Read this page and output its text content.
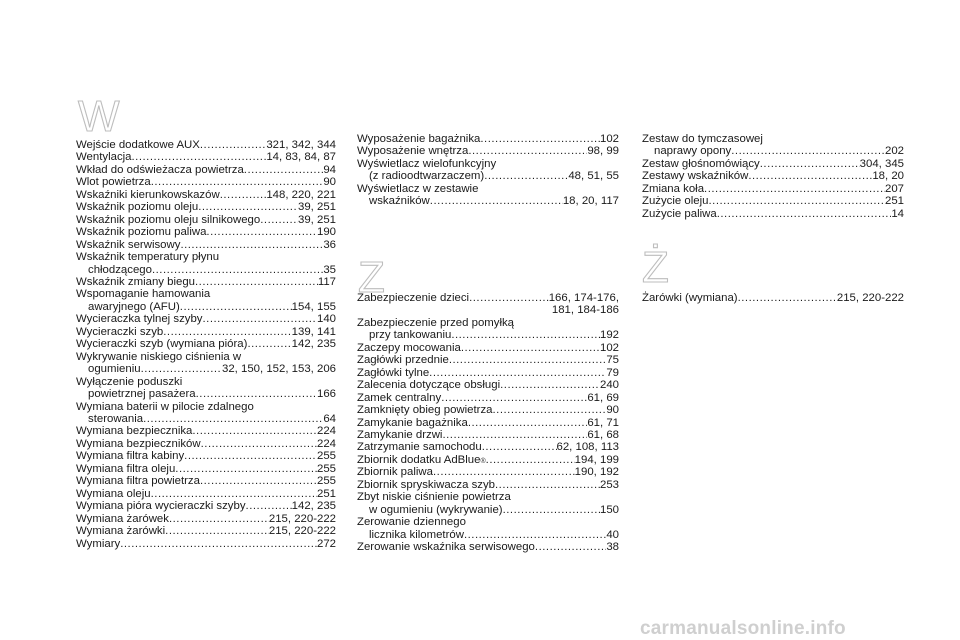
W
Z	Ż
Wejście dodatkowe AUX .....	321, 342, 344
Wentylacja .....	14, 83, 84, 87
Wkład do odświeżacza powietrza .....	94
Wlot powietrza .....	90
Wskaźniki kierunkowskazów .....	148, 220, 221
Wskaźnik poziomu oleju .....	39, 251
Wskaźnik poziomu oleju silnikowego .....	39, 251
Wskaźnik poziomu paliwa .....	190
Wskaźnik serwisowy .....	36
Wskaźnik temperatury płynu
chłodzącego .....	35
Wskaźnik zmiany biegu .....	117
Wspomaganie hamowania
awaryjnego (AFU) .....	154, 155
Wycieraczka tylnej szyby .....	140
Wycieraczki szyb .....	139, 141
Wycieraczki szyb (wymiana pióra) .....	142, 235
Wykrywanie niskiego ciśnienia w
ogumieniu .....	32, 150, 152, 153, 206
Wyłączenie poduszki
powietrznej pasażera .....	166
Wymiana baterii w pilocie zdalnego
sterowania .....	64
Wymiana bezpiecznika .....	224
Wymiana bezpieczników .....	224
Wymiana filtra kabiny .....	255
Wymiana filtra oleju .....	255
Wymiana filtra powietrza .....	255
Wymiana oleju .....	251
Wymiana pióra wycieraczki szyby .....	142, 235
Wymiana żarówek .....	215, 220-222
Wymiana żarówki .....	215, 220-222
Wymiary .....	272
Wyposażenie bagażnika .....	102
Wyposażenie wnętrza .....	98, 99
Wyświetlacz wielofunkcyjny
(z radioodtwarzaczem) .....	48, 51, 55
Wyświetlacz w zestawie
wskaźników .....	18, 20, 117
Zabezpieczenie dzieci .....	166, 174-176,
181, 184-186
Zabezpieczenie przed pomyłką
przy tankowaniu .....	192
Zaczepy mocowania .....	102
Zagłówki przednie .....	75
Zagłówki tylne .....	79
Zalecenia dotyczące obsługi .....	240
Zamek centralny .....	61, 69
Zamknięty obieg powietrza .....	90
Zamykanie bagażnika .....	61, 71
Zamykanie drzwi .....	61, 68
Zatrzymanie samochodu .....	62, 108, 113
Zbiornik dodatku AdBlue ® .....	194, 199
Zbiornik paliwa .....	190, 192
Zbiornik spryskiwacza szyb .....	253
Zbyt niskie ciśnienie powietrza
w ogumieniu (wykrywanie) .....	150
Zerowanie dziennego
licznika kilometrów .....	40
Zerowanie wskaźnika serwisowego .....	38
Zestaw do tymczasowej
naprawy opony .....	202
Zestaw głośnomówiący .....	304, 345
Zestawy wskaźników .....	18, 20
Zmiana koła .....	207
Zużycie oleju .....	251
Zużycie paliwa .....	14
Żarówki (wymiana) .....	215, 220-222
carmanualsonline.info
